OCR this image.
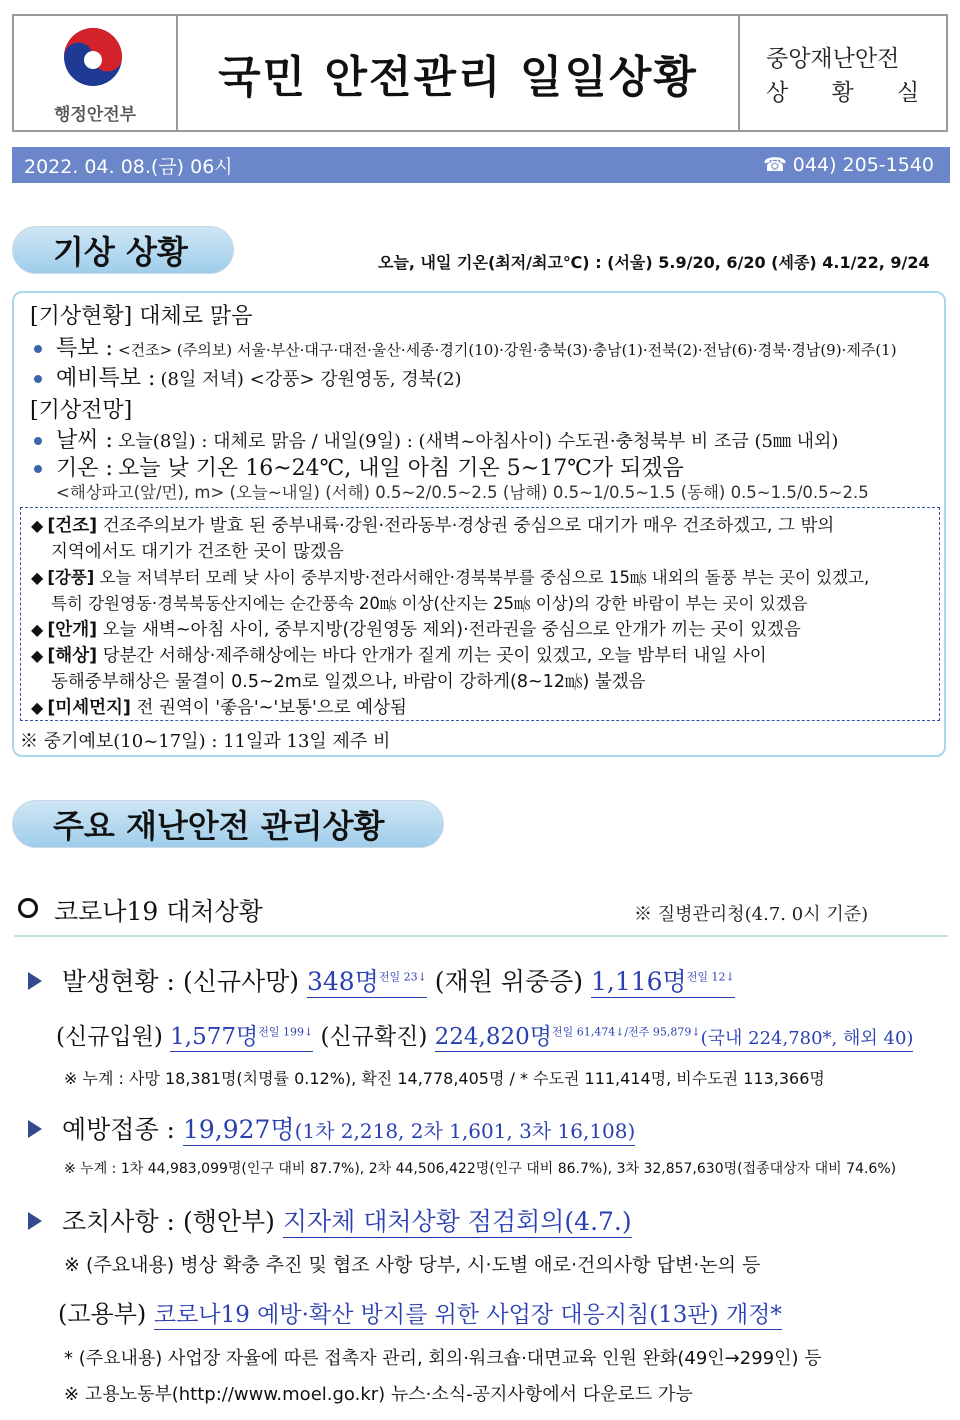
행정안전부
국민 안전관리 일일상황	중앙재난안전
상 황 실
2022. 04. 08.(금) 06시	☎ 044) 205-1540
기상 상황	오늘, 내일 기온(최저/최고℃) : (서울) 5.9/20, 6/20 (세종) 4.1/22, 9/24
[기상현황] 대체로 맑음
특보 : <건조> (주의보) 서울·부산·대구·대전·울산·세종·경기(10)·강원·충북(3)·충남(1)·전북(2)·전남(6)·경북·경남(9)·제주(1)
예비특보 : (8일 저녁) <강풍> 강원영동, 경북(2)
[기상전망]
날씨 : 오늘(8일) : 대체로 맑음 / 내일(9일) : (새벽~아침사이) 수도권·충청북부 비 조금 (5㎜ 내외)
기온 : 오늘 낮 기온 16~24℃, 내일 아침 기온 5~17℃가 되겠음
<해상파고(앞/먼), m> (오늘~내일) (서해) 0.5~2/0.5~2.5 (남해) 0.5~1/0.5~1.5 (동해) 0.5~1.5/0.5~2.5
◆ [건조] 건조주의보가 발효 된 중부내륙·강원·전라동부·경상권 중심으로 대기가 매우 건조하겠고, 그 밖의
지역에서도 대기가 건조한 곳이 많겠음
◆ [강풍] 오늘 저녁부터 모레 낮 사이 중부지방·전라서해안·경북북부를 중심으로 15㎧ 내외의 돌풍 부는 곳이 있겠고,
특히 강원영동·경북북동산지에는 순간풍속 20㎧ 이상(산지는 25㎧ 이상)의 강한 바람이 부는 곳이 있겠음
◆ [안개] 오늘 새벽~아침 사이, 중부지방(강원영동 제외)·전라권을 중심으로 안개가 끼는 곳이 있겠음
◆ [해상] 당분간 서해상·제주해상에는 바다 안개가 짙게 끼는 곳이 있겠고, 오늘 밤부터 내일 사이
동해중부해상은 물결이 0.5~2m로 일겠으나, 바람이 강하게(8~12㎧) 불겠음
◆ [미세먼지] 전 권역이 '좋음'~'보통'으로 예상됨
※ 중기예보(10~17일) : 11일과 13일 제주 비
주요 재난안전 관리상황
코로나19 대처상황	※ 질병관리청(4.7. 0시 기준)
발생현황 : (신규사망) 348명$^{전일 23↓}$ (재원 위중증) 1,116명$^{전일 12↓}$
(신규입원) 1,577명$^{전일 199↓}$ (신규확진) 224,820명$^{전일 61,474↓/전주 95,879↓}$(국내 224,780*, 해외 40)
※ 누계 : 사망 18,381명(치명률 0.12%), 확진 14,778,405명 / * 수도권 111,414명, 비수도권 113,366명
예방접종 : 19,927명(1차 2,218, 2차 1,601, 3차 16,108)
※ 누계 : 1차 44,983,099명(인구 대비 87.7%), 2차 44,506,422명(인구 대비 86.7%), 3차 32,857,630명(접종대상자 대비 74.6%)
조치사항 : (행안부) 지자체 대처상황 점검회의(4.7.)
※ (주요내용) 병상 확충 추진 및 협조 사항 당부, 시·도별 애로·건의사항 답변·논의 등
(고용부) 코로나19 예방·확산 방지를 위한 사업장 대응지침(13판) 개정*
* (주요내용) 사업장 자율에 따른 접촉자 관리, 회의·워크숍·대면교육 인원 완화(49인→299인) 등
※ 고용노동부(http://www.moel.go.kr) 뉴스·소식-공지사항에서 다운로드 가능
